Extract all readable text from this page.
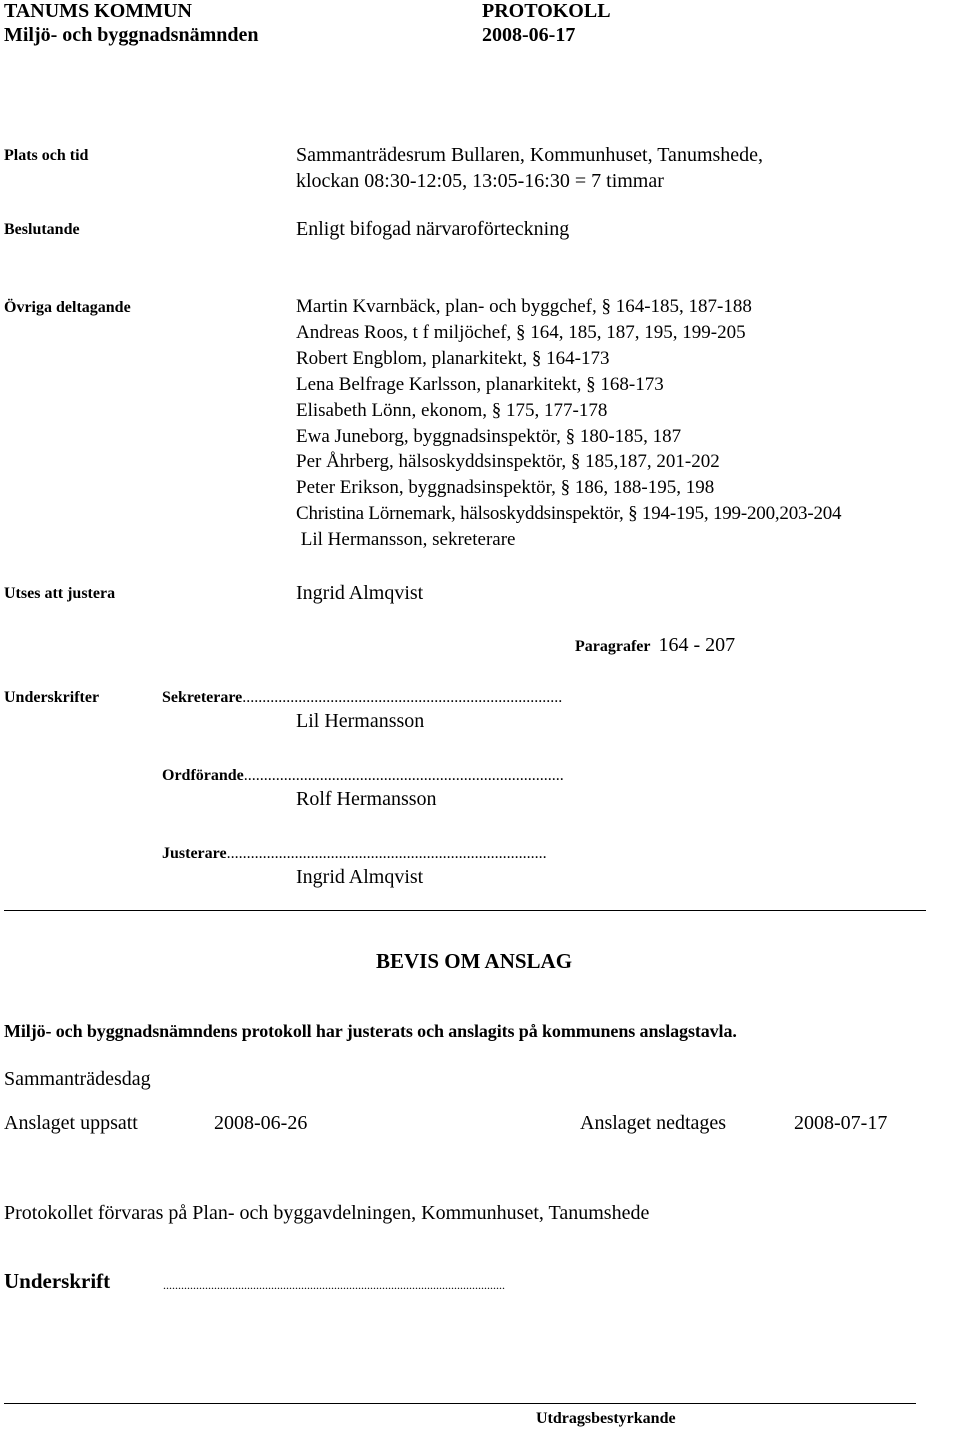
TANUMS KOMMUN	PROTOKOLL
Miljö- och byggnadsnämnden	2008-06-17
Plats och tid	Sammanträdesrum Bullaren, Kommunhuset, Tanumshede,
klockan 08:30-12:05, 13:05-16:30 = 7 timmar
Beslutande	Enligt bifogad närvaroförteckning
Övriga deltagande	Martin Kvarnbäck, plan- och byggchef, § 164-185, 187-188
Andreas Roos, t f miljöchef, § 164, 185, 187, 195, 199-205
Robert Engblom, planarkitekt, § 164-173
Lena Belfrage Karlsson, planarkitekt, § 168-173
Elisabeth Lönn, ekonom, § 175, 177-178
Ewa Juneborg, byggnadsinspektör, § 180-185, 187
Per Åhrberg, hälsoskyddsinspektör, § 185,187, 201-202
Peter Erikson, byggnadsinspektör, § 186, 188-195, 198
Christina Lörnemark, hälsoskyddsinspektör, § 194-195, 199-200,203-204
Lil Hermansson, sekreterare
Utses att justera	Ingrid Almqvist
Paragrafer 164 - 207
Underskrifter	Sekreterare................................................................................
Lil Hermansson
Ordförande................................................................................
Rolf Hermansson
Justerare................................................................................
Ingrid Almqvist
BEVIS OM ANSLAG
Miljö- och byggnadsnämndens protokoll har justerats och anslagits på kommunens anslagstavla.
Sammanträdesdag
Anslaget uppsatt	2008-06-26	Anslaget nedtages	2008-07-17
Protokollet förvaras på Plan- och byggavdelningen, Kommunhuset, Tanumshede
Underskrift	..................................................................................................................
Utdragsbestyrkande
